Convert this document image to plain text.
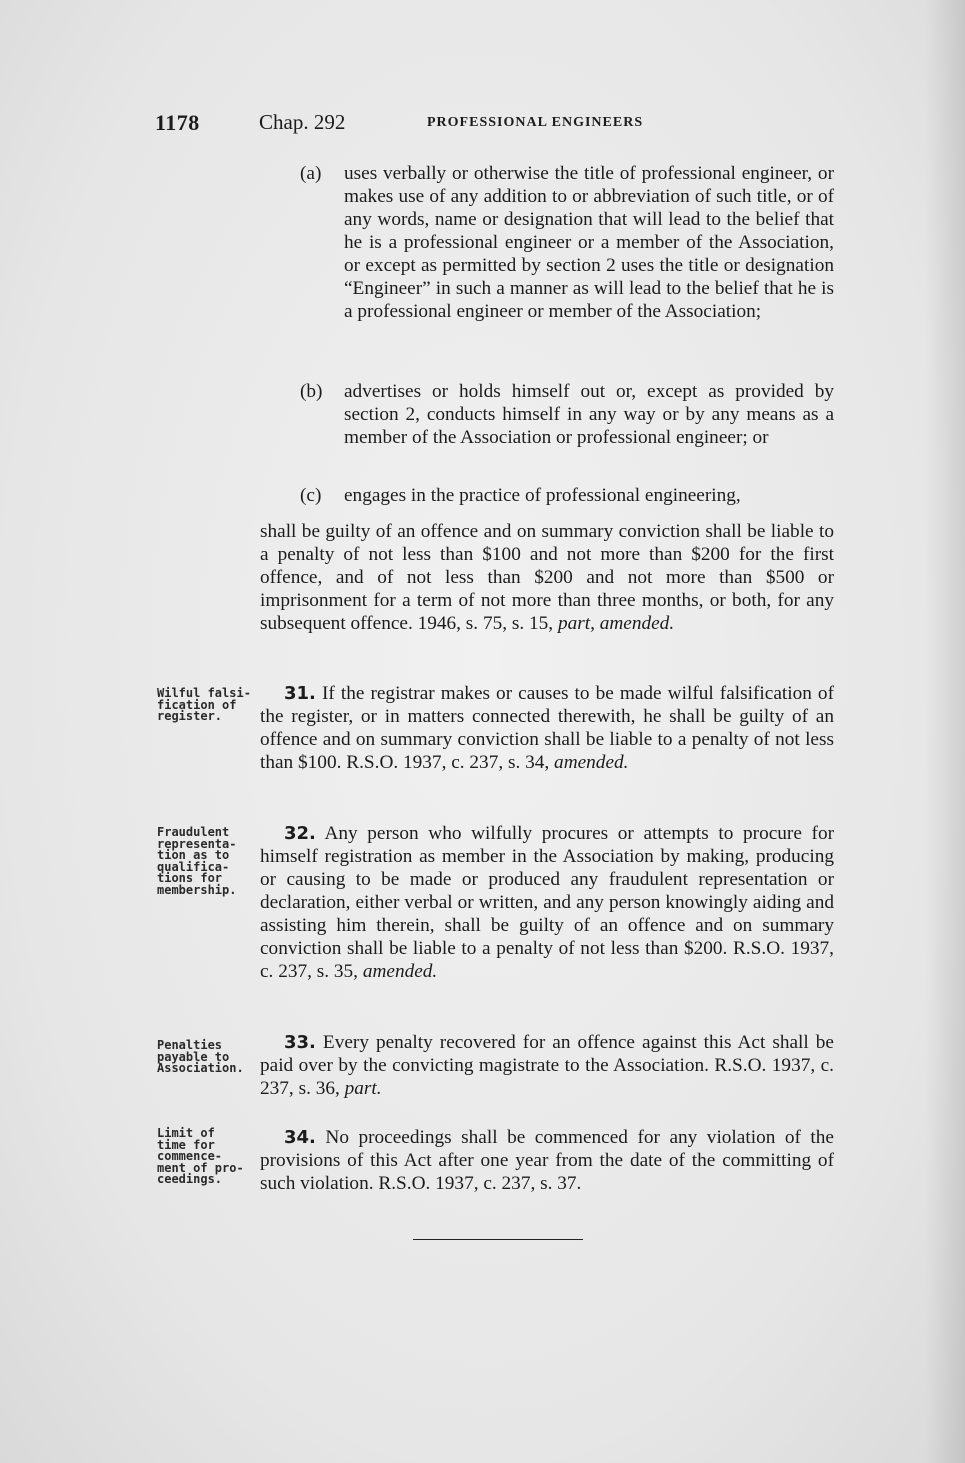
1178	Chap. 292	PROFESSIONAL ENGINEERS
(a)	uses verbally or otherwise the title of professional engineer, or makes use of any addition to or abbreviation of such title, or of any words, name or designation that will lead to the belief that he is a professional engineer or a member of the Association, or except as permitted by section 2 uses the title or designation “Engineer” in such a manner as will lead to the belief that he is a professional engineer or member of the Association;
(b)	advertises or holds himself out or, except as provided by section 2, conducts himself in any way or by any means as a member of the Association or professional engineer; or
(c)	engages in the practice of professional engineering,
shall be guilty of an offence and on summary conviction shall be liable to a penalty of not less than $100 and not more than $200 for the first offence, and of not less than $200 and not more than $500 or imprisonment for a term of not more than three months, or both, for any subsequent offence. 1946, s. 75, s. 15, part, amended.
Wilful falsi-
fication of
register.
31. If the registrar makes or causes to be made wilful falsification of the register, or in matters connected therewith, he shall be guilty of an offence and on summary conviction shall be liable to a penalty of not less than $100. R.S.O. 1937, c. 237, s. 34, amended.
Fraudulent
representa-
tion as to
qualifica-
tions for
membership.
32. Any person who wilfully procures or attempts to procure for himself registration as member in the Association by making, producing or causing to be made or produced any fraudulent representation or declaration, either verbal or written, and any person knowingly aiding and assisting him therein, shall be guilty of an offence and on summary conviction shall be liable to a penalty of not less than $200. R.S.O. 1937, c. 237, s. 35, amended.
Penalties
payable to
Association.
33. Every penalty recovered for an offence against this Act shall be paid over by the convicting magistrate to the Association. R.S.O. 1937, c. 237, s. 36, part.
Limit of
time for
commence-
ment of pro-
ceedings.
34. No proceedings shall be commenced for any violation of the provisions of this Act after one year from the date of the committing of such violation. R.S.O. 1937, c. 237, s. 37.
